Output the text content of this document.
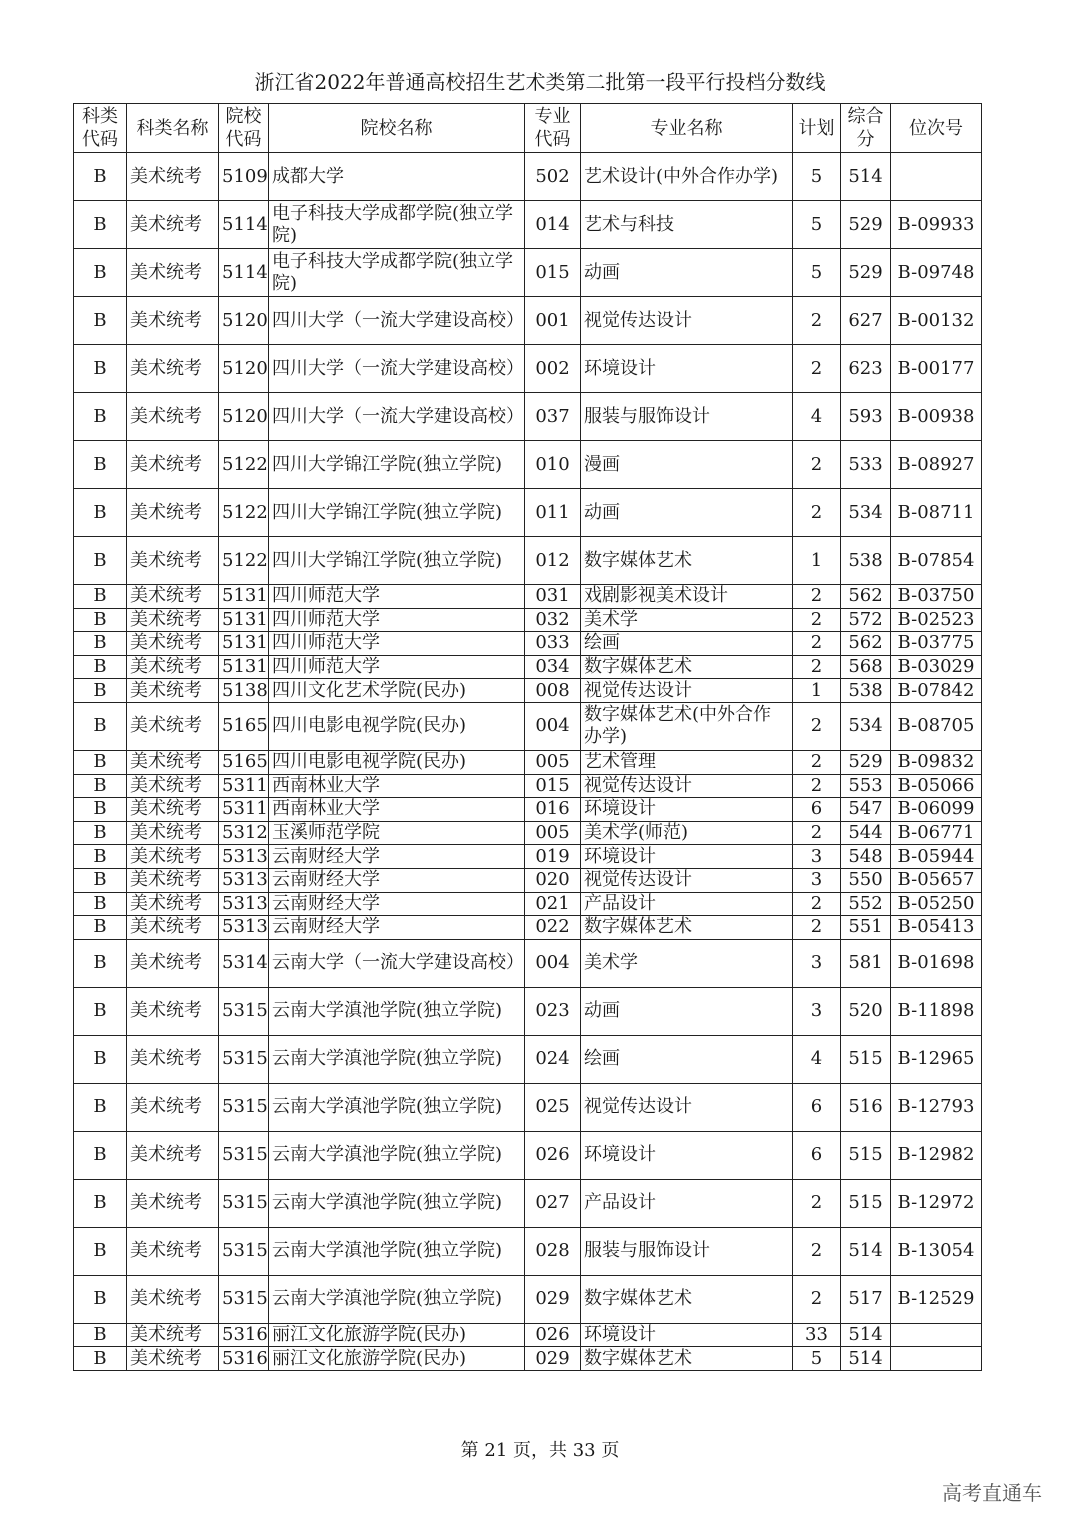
浙江省2022年普通高校招生艺术类第二批第一段平行投档分数线
科类代码	科类名称	院校代码	院校名称	专业代码	专业名称	计划	综合分	位次号
B	美术统考	5109	成都大学	502	艺术设计(中外合作办学)	5	514	
B	美术统考	5114	电子科技大学成都学院(独立学院)	014	艺术与科技	5	529	B-09933
B	美术统考	5114	电子科技大学成都学院(独立学院)	015	动画	5	529	B-09748
B	美术统考	5120	四川大学（一流大学建设高校）	001	视觉传达设计	2	627	B-00132
B	美术统考	5120	四川大学（一流大学建设高校）	002	环境设计	2	623	B-00177
B	美术统考	5120	四川大学（一流大学建设高校）	037	服装与服饰设计	4	593	B-00938
B	美术统考	5122	四川大学锦江学院(独立学院)	010	漫画	2	533	B-08927
B	美术统考	5122	四川大学锦江学院(独立学院)	011	动画	2	534	B-08711
B	美术统考	5122	四川大学锦江学院(独立学院)	012	数字媒体艺术	1	538	B-07854
B	美术统考	5131	四川师范大学	031	戏剧影视美术设计	2	562	B-03750
B	美术统考	5131	四川师范大学	032	美术学	2	572	B-02523
B	美术统考	5131	四川师范大学	033	绘画	2	562	B-03775
B	美术统考	5131	四川师范大学	034	数字媒体艺术	2	568	B-03029
B	美术统考	5138	四川文化艺术学院(民办)	008	视觉传达设计	1	538	B-07842
B	美术统考	5165	四川电影电视学院(民办)	004	数字媒体艺术(中外合作办学)	2	534	B-08705
B	美术统考	5165	四川电影电视学院(民办)	005	艺术管理	2	529	B-09832
B	美术统考	5311	西南林业大学	015	视觉传达设计	2	553	B-05066
B	美术统考	5311	西南林业大学	016	环境设计	6	547	B-06099
B	美术统考	5312	玉溪师范学院	005	美术学(师范)	2	544	B-06771
B	美术统考	5313	云南财经大学	019	环境设计	3	548	B-05944
B	美术统考	5313	云南财经大学	020	视觉传达设计	3	550	B-05657
B	美术统考	5313	云南财经大学	021	产品设计	2	552	B-05250
B	美术统考	5313	云南财经大学	022	数字媒体艺术	2	551	B-05413
B	美术统考	5314	云南大学（一流大学建设高校）	004	美术学	3	581	B-01698
B	美术统考	5315	云南大学滇池学院(独立学院)	023	动画	3	520	B-11898
B	美术统考	5315	云南大学滇池学院(独立学院)	024	绘画	4	515	B-12965
B	美术统考	5315	云南大学滇池学院(独立学院)	025	视觉传达设计	6	516	B-12793
B	美术统考	5315	云南大学滇池学院(独立学院)	026	环境设计	6	515	B-12982
B	美术统考	5315	云南大学滇池学院(独立学院)	027	产品设计	2	515	B-12972
B	美术统考	5315	云南大学滇池学院(独立学院)	028	服装与服饰设计	2	514	B-13054
B	美术统考	5315	云南大学滇池学院(独立学院)	029	数字媒体艺术	2	517	B-12529
B	美术统考	5316	丽江文化旅游学院(民办)	026	环境设计	33	514	
B	美术统考	5316	丽江文化旅游学院(民办)	029	数字媒体艺术	5	514	
第 21 页，共 33 页
高考直通车
